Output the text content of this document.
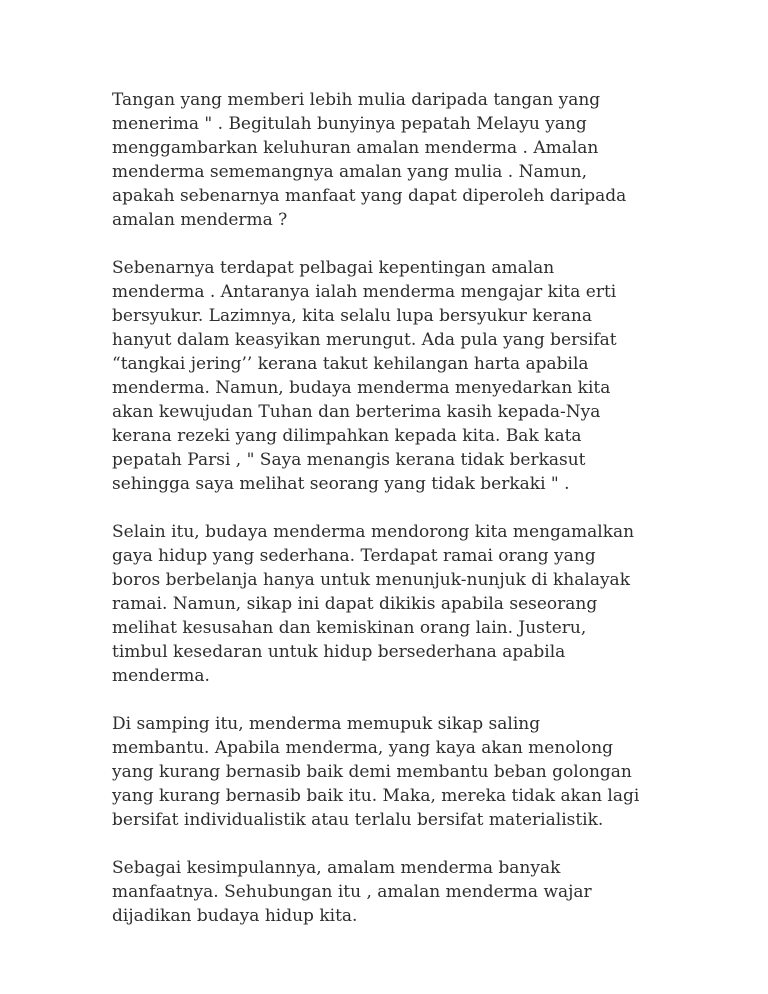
Tangan yang memberi lebih mulia daripada tangan yang
menerima " . Begitulah bunyinya pepatah Melayu yang
menggambarkan keluhuran amalan menderma . Amalan
menderma sememangnya amalan yang mulia . Namun,
apakah sebenarnya manfaat yang dapat diperoleh daripada
amalan menderma ?

Sebenarnya terdapat pelbagai kepentingan amalan
menderma . Antaranya ialah menderma mengajar kita erti
bersyukur. Lazimnya, kita selalu lupa bersyukur kerana
hanyut dalam keasyikan merungut. Ada pula yang bersifat
“tangkai jering’’ kerana takut kehilangan harta apabila
menderma. Namun, budaya menderma menyedarkan kita
akan kewujudan Tuhan dan berterima kasih kepada-Nya
kerana rezeki yang dilimpahkan kepada kita. Bak kata
pepatah Parsi , " Saya menangis kerana tidak berkasut
sehingga saya melihat seorang yang tidak berkaki " .

Selain itu, budaya menderma mendorong kita mengamalkan
gaya hidup yang sederhana. Terdapat ramai orang yang
boros berbelanja hanya untuk menunjuk-nunjuk di khalayak
ramai. Namun, sikap ini dapat dikikis apabila seseorang
melihat kesusahan dan kemiskinan orang lain. Justeru,
timbul kesedaran untuk hidup bersederhana apabila
menderma.

Di samping itu, menderma memupuk sikap saling
membantu. Apabila menderma, yang kaya akan menolong
yang kurang bernasib baik demi membantu beban golongan
yang kurang bernasib baik itu. Maka, mereka tidak akan lagi
bersifat individualistik atau terlalu bersifat materialistik.

Sebagai kesimpulannya, amalam menderma banyak
manfaatnya. Sehubungan itu , amalan menderma wajar
dijadikan budaya hidup kita.
